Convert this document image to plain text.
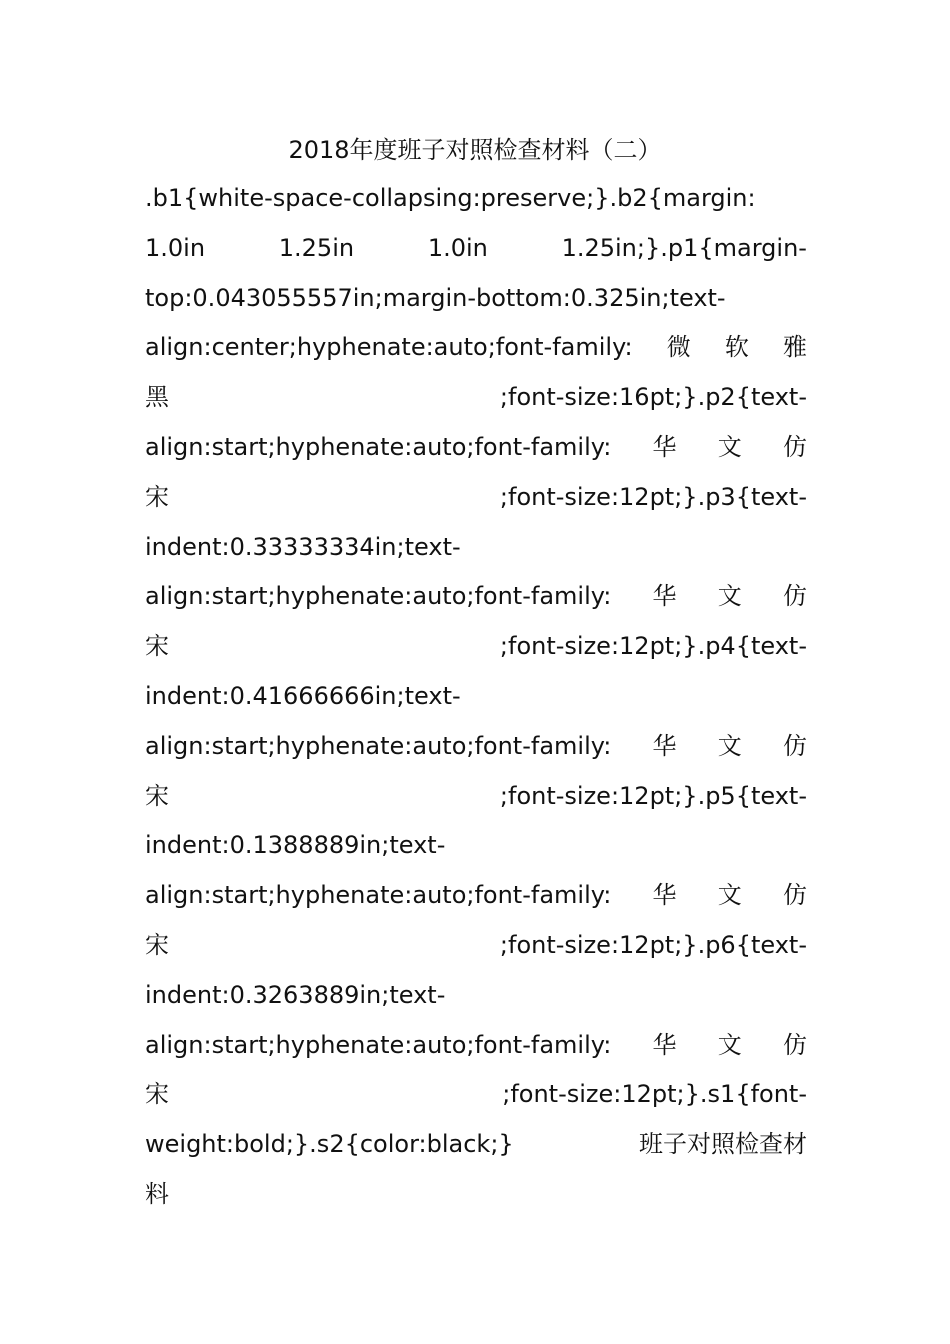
2018年度班子对照检查材料（二）
.b1{white-space-collapsing:preserve;}.b2{margin:
1.0in	1.25in	1.0in	1.25in;}.p1{margin-
top:0.043055557in;margin-bottom:0.325in;text-
align:center;hyphenate:auto;font-family: 微 软 雅
黑	;font-size:16pt;}.p2{text-
align:start;hyphenate:auto;font-family: 华 文 仿
宋	;font-size:12pt;}.p3{text-
indent:0.33333334in;text-
align:start;hyphenate:auto;font-family: 华 文 仿
宋	;font-size:12pt;}.p4{text-
indent:0.41666666in;text-
align:start;hyphenate:auto;font-family: 华 文 仿
宋	;font-size:12pt;}.p5{text-
indent:0.1388889in;text-
align:start;hyphenate:auto;font-family: 华 文 仿
宋	;font-size:12pt;}.p6{text-
indent:0.3263889in;text-
align:start;hyphenate:auto;font-family: 华 文 仿
宋	;font-size:12pt;}.s1{font-
weight:bold;}.s2{color:black;}	班子对照检查材
料
